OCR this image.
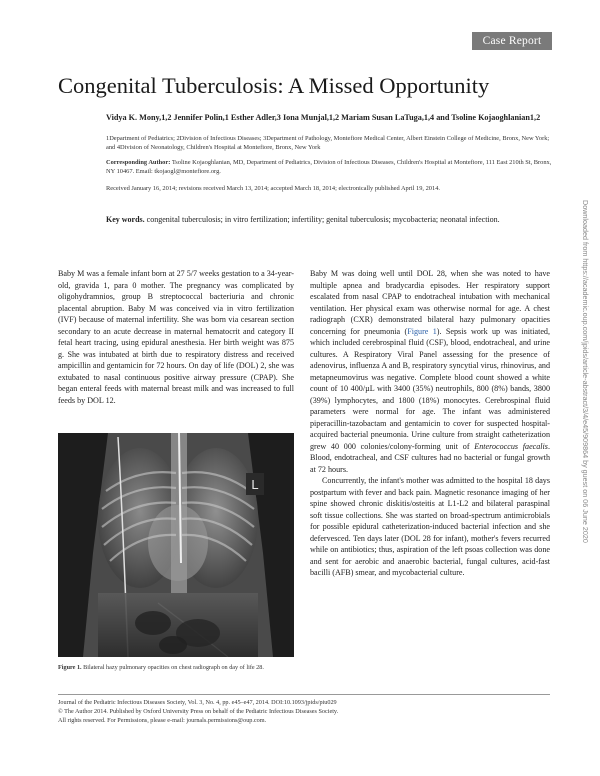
Case Report
Congenital Tuberculosis: A Missed Opportunity
Vidya K. Mony,1,2 Jennifer Polin,1 Esther Adler,3 Iona Munjal,1,2 Mariam Susan LaTuga,1,4 and Tsoline Kojaoghlanian1,2
1Department of Pediatrics; 2Division of Infectious Diseases; 3Department of Pathology, Montefiore Medical Center, Albert Einstein College of Medicine, Bronx, New York; and 4Division of Neonatology, Children's Hospital at Montefiore, Bronx, New York
Corresponding Author: Tsoline Kojaoghlanian, MD, Department of Pediatrics, Division of Infectious Diseases, Children's Hospital at Montefiore, 111 East 210th St, Bronx, NY 10467. Email: tkojaogl@montefiore.org.
Received January 16, 2014; revisions received March 13, 2014; accepted March 18, 2014; electronically published April 19, 2014.
Key words. congenital tuberculosis; in vitro fertilization; infertility; genital tuberculosis; mycobacteria; neonatal infection.	Downloaded from https://academic.oup.com/jpids/article-abstract/3/4/e45/909864 by guest on 06 June 2020

Baby M was a female infant born at 27 5/7 weeks gestation to a 34-year-old, gravida 1, para 0 mother. The pregnancy was complicated by oligohydramnios, group B streptococcal bacteriuria and chronic placental abruption. Baby M was conceived via in vitro fertilization (IVF) because of maternal infertility. She was born via cesarean section secondary to an acute decrease in maternal hematocrit and category II fetal heart tracing, using epidural anesthesia. Her birth weight was 875 g. She was intubated at birth due to respiratory distress and received ampicillin and gentamicin for 72 hours. On day of life (DOL) 2, she was extubated to nasal continuous positive airway pressure (CPAP). She began enteral feeds with maternal breast milk and was increased to full feeds by DOL 12.

L
Figure 1. Bilateral hazy pulmonary opacities on chest radiograph on day of life 28.

Baby M was doing well until DOL 28, when she was noted to have multiple apnea and bradycardia episodes. Her respiratory support escalated from nasal CPAP to endotracheal intubation with mechanical ventilation. Her physical exam was otherwise normal for age. A chest radiograph (CXR) demonstrated bilateral hazy pulmonary opacities concerning for pneumonia (Figure 1). Sepsis work up was initiated, which included cerebrospinal fluid (CSF), blood, endotracheal, and urine cultures. A Respiratory Viral Panel assessing for the presence of adenovirus, influenza A and B, respiratory syncytial virus, rhinovirus, and metapneumovirus was negative. Complete blood count showed a white count of 10 400/µL with 3400 (35%) neutrophils, 800 (8%) bands, 3800 (39%) lymphocytes, and 1800 (18%) monocytes. Cerebrospinal fluid parameters were normal for age. The infant was administered piperacillin-tazobactam and gentamicin to cover for suspected hospital-acquired bacterial pneumonia. Urine culture from straight catheterization grew 40 000 colonies/colony-forming unit of Enterococcus faecalis. Blood, endotracheal, and CSF cultures had no bacterial or fungal growth at 72 hours.

Concurrently, the infant's mother was admitted to the hospital 18 days postpartum with fever and back pain. Magnetic resonance imaging of her spine showed chronic diskitis/osteitis at L1-L2 and bilateral paraspinal soft tissue collections. She was started on broad-spectrum antimicrobials for possible epidural catheterization-induced bacterial infection and she defervesced. Ten days later (DOL 28 for infant), mother's fevers recurred while on antibiotics; thus, aspiration of the left psoas collection was done and sent for aerobic and anaerobic bacterial, fungal cultures, acid-fast bacilli (AFB) smear, and mycobacterial culture.

Journal of the Pediatric Infectious Diseases Society, Vol. 3, No. 4, pp. e45–e47, 2014. DOI:10.1093/jpids/piu029
© The Author 2014. Published by Oxford University Press on behalf of the Pediatric Infectious Diseases Society.
All rights reserved. For Permissions, please e-mail: journals.permissions@oup.com.
